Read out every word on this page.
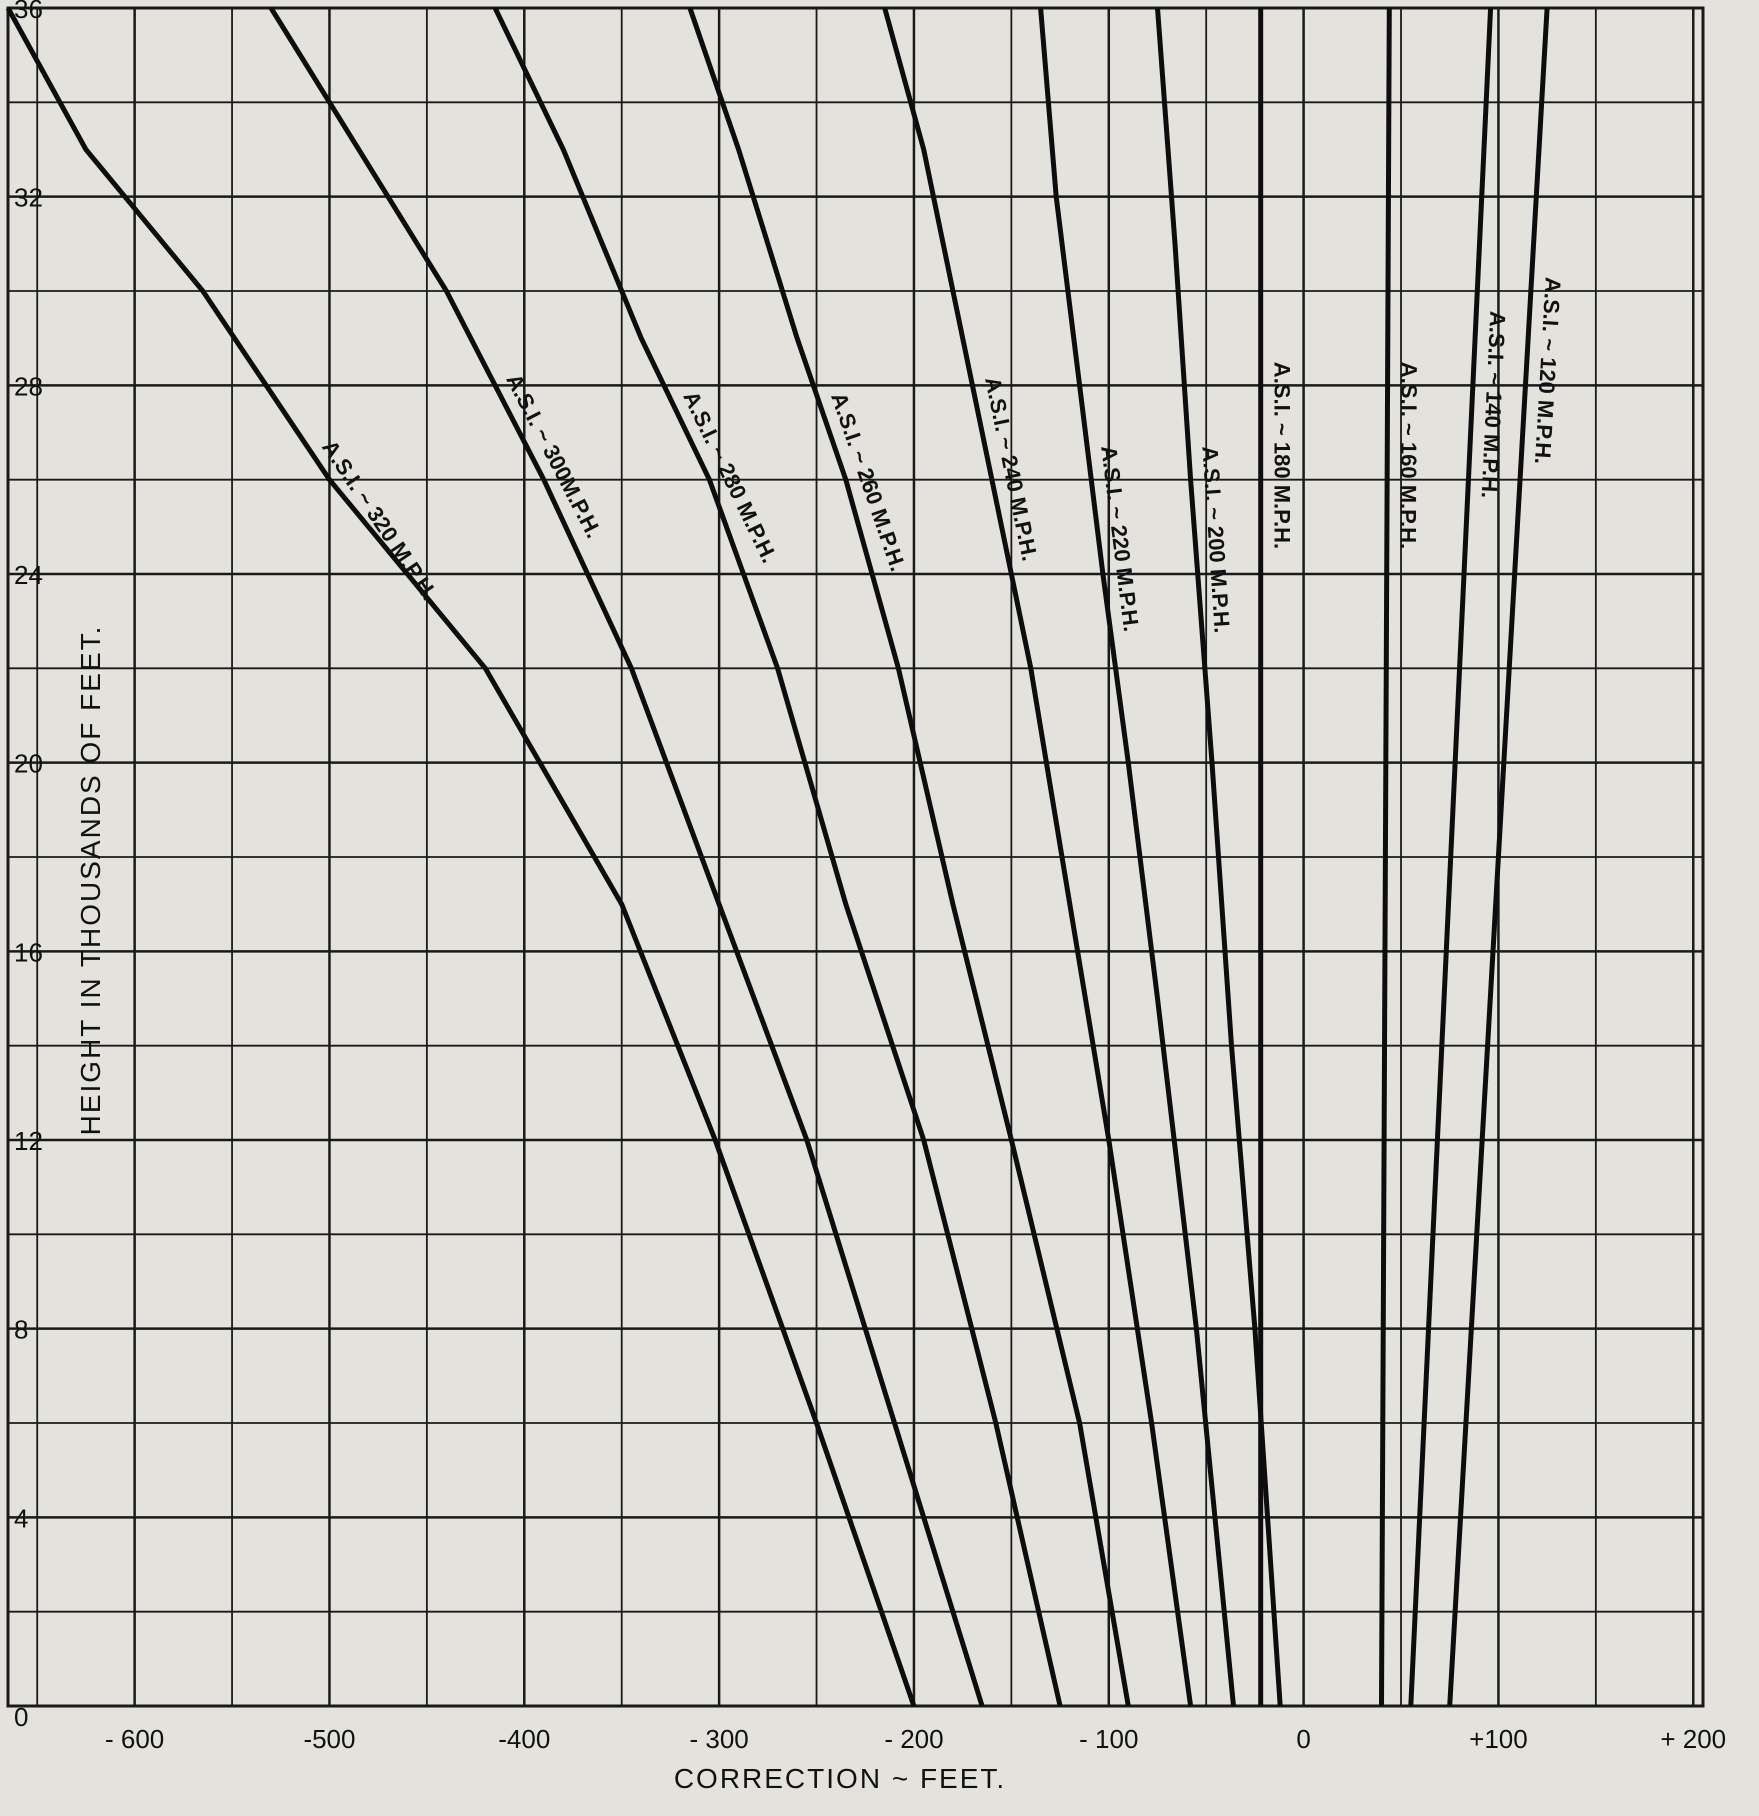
A.S.I. ~ 320 M.P.H.	A.S.I. ~ 300M.P.H.	A.S.I. ~ 280 M.P.H. A.S.I. ~ 260 M.P.H.	A.S.I. ~ 240 M.P.H. A.S.I. ~ 220 M.P.H. A.S.I. ~ 200 M.P.H. A.S.I. ~ 180 M.P.H.	A.S.I. ~ 160 M.P.H. A.S.I. ~ 140 M.P.H. A.S.I. ~ 120 M.P.H.
- 600	-500	-400	- 300	- 200	- 100	0	+100	+ 200
0
4
8
12
16
20
24
28
32
36
CORRECTION ~ FEET.
HEIGHT IN THOUSANDS OF FEET.
